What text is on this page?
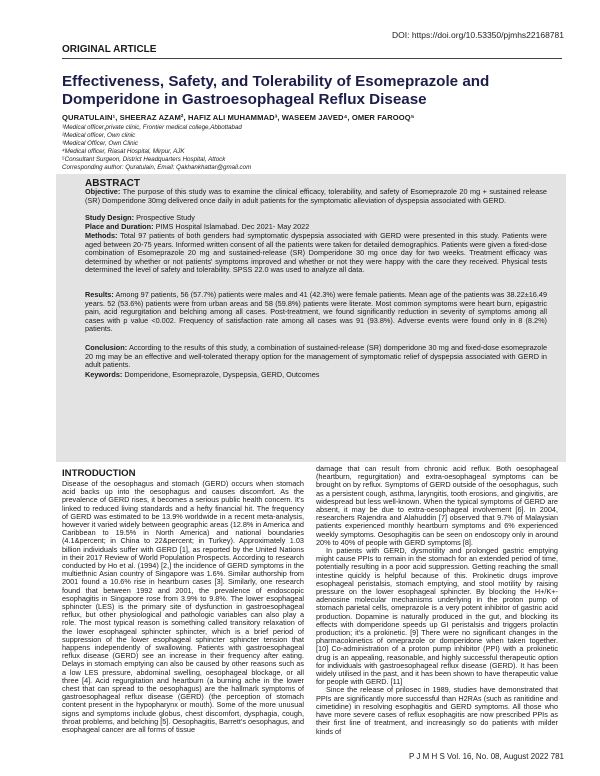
DOI: https://doi.org/10.53350/pjmhs22168781
ORIGINAL ARTICLE
Effectiveness, Safety, and Tolerability of Esomeprazole and Domperidone in Gastroesophageal Reflux Disease
QURATULAIN¹, SHEERAZ AZAM², HAFIZ ALI MUHAMMAD³, WASEEM JAVED⁴, OMER FAROOQ⁵
¹Medical officer,private clinic, Frontier medical college,Abbottabad
²Medical officer, Own clinic
³Medical Officer, Own Clinic
⁴Medical officer, Riasat Hospital, Mirpur, AJK
⁵Consultant Surgeon, District Headquarters Hospital, Attock
Corresponding author: Quratulain, Email: Qakhankhattar@gmail.com
ABSTRACT
Objective: The purpose of this study was to examine the clinical efficacy, tolerability, and safety of Esomeprazole 20 mg + sustained release (SR) Domperidone 30mg delivered once daily in adult patients for the symptomatic alleviation of dyspepsia associated with GERD.
Study Design: Prospective Study
Place and Duration: PIMS Hospital Islamabad. Dec 2021- May 2022
Methods: Total 97 patients of both genders had symptomatic dyspepsia associated with GERD were presented in this study. Patients were aged between 20-75 years. Informed written consent of all the patients were taken for detailed demographics. Patients were given a fixed-dose combination of Esomeprazole 20 mg and sustained-release (SR) Domperidone 30 mg once day for two weeks. Treatment efficacy was determined by whether or not patients' symptoms improved and whether or not they were happy with the care they received. Physical tests determined the level of safety and tolerability. SPSS 22.0 was used to analyze all data.
Results: Among 97 patients, 56 (57.7%) patients were males and 41 (42.3%) were female patients. Mean age of the patients was 38.22±16.49 years. 52 (53.6%) patients were from urban areas and 58 (59.8%) patients were literate. Most common symptoms were heart burn, epigastric pain, acid regurgitation and belching among all cases. Post-treatment, we found significantly reduction in severity of symptoms among all cases with p value <0.002. Frequency of satisfaction rate among all cases was 91 (93.8%). Adverse events were found only in 8 (8.2%) patients.
Conclusion: According to the results of this study, a combination of sustained-release (SR) domperidone 30 mg and fixed-dose esomeprazole 20 mg may be an effective and well-tolerated therapy option for the management of symptomatic relief of dyspepsia associated with GERD in adult patients.
Keywords: Domperidone, Esomeprazole, Dyspepsia, GERD, Outcomes
INTRODUCTION

Disease of the oesophagus and stomach (GERD) occurs when stomach acid backs up into the oesophagus and causes discomfort. As the prevalence of GERD rises, it becomes a serious public health concern. It's linked to reduced living standards and a hefty financial hit. The frequency of GERD was estimated to be 13.9% worldwide in a recent meta-analysis, however it varied widely between geographic areas (12.8% in America and Caribbean to 19.5% in North America) and national boundaries (4.1&percent; in China to 22&percent; in Turkey). Approximately 1.03 billion individuals suffer with GERD [1], as reported by the United Nations in their 2017 Review of World Population Prospects. According to research conducted by Ho et al. (1994) [2,] the incidence of GERD symptoms in the multiethnic Asian country of Singapore was 1.6%. Similar authorship from 2001 found a 10.6% rise in heartburn cases [3]. Similarly, one research found that between 1992 and 2001, the prevalence of endoscopic esophagitis in Singapore rose from 3.9% to 9.8%. The lower esophageal sphincter (LES) is the primary site of dysfunction in gastroesophageal reflux, but other physiological and pathologic variables can also play a role. The most typical reason is something called transitory relaxation of the lower esophageal sphincter sphincter, which is a brief period of suppression of the lower esophageal sphincter sphincter tension that happens independently of swallowing. Patients with gastroesophageal reflux disease (GERD) see an increase in their frequency after eating. Delays in stomach emptying can also be caused by other reasons such as a low LES pressure, abdominal swelling, oesophageal blockage, or all three [4]. Acid regurgitation and heartburn (a burning ache in the lower chest that can spread to the oesophagus) are the hallmark symptoms of gastroesophageal reflux disease (GERD) (the perception of stomach content present in the hypopharynx or mouth). Some of the more unusual signs and symptoms include globus, chest discomfort, dysphagia, cough, throat problems, and belching [5]. Oesophagitis, Barrett's oesophagus, and esophageal cancer are all forms of tissue

damage that can result from chronic acid reflux. Both oesophageal (heartburn, regurgitation) and extra-oesophageal symptoms can be brought on by reflux. Symptoms of GERD outside of the oesophagus, such as a persistent cough, asthma, laryngitis, tooth erosions, and gingivitis, are widespread but less well-known. When the typical symptoms of GERD are absent, it may be due to extra-oesophageal involvement [6]. In 2004, researchers Rajendra and Alahuddin [7] observed that 9.7% of Malaysian patients experienced monthly heartburn symptoms and 6% experienced weekly symptoms. Oesophagitis can be seen on endoscopy only in around 20% to 40% of people with GERD symptoms [8].

In patients with GERD, dysmotility and prolonged gastric emptying might cause PPIs to remain in the stomach for an extended period of time, potentially resulting in a poor acid suppression. Getting reaching the small intestine quickly is helpful because of this. Prokinetic drugs improve esophageal peristalsis, stomach emptying, and stool motility by raising pressure on the lower esophageal sphincter. By blocking the H+/K+-adenosine molecular mechanisms underlying in the proton pump of stomach parietal cells, omeprazole is a very potent inhibitor of gastric acid production. Dopamine is naturally produced in the gut, and blocking its effects with domperidone speeds up GI peristalsis and triggers prolactin production; it's a prokinetic. [9] There were no significant changes in the pharmacokinetics of omeprazole or domperidone when taken together. [10] Co-administration of a proton pump inhibitor (PPI) with a prokinetic drug is an appealing, reasonable, and highly successful therapeutic option for individuals with gastroesophageal reflux disease (GERD). It has been widely utilised in the past, and it has been shown to have therapeutic value for people with GERD. [11]

Since the release of prilosec in 1989, studies have demonstrated that PPIs are significantly more successful than H2RAs (such as ranitidine and cimetidine) in resolving esophagitis and GERD symptoms. All those who have more severe cases of reflux esophagitis are now prescribed PPIs as their first line of treatment, and increasingly so do patients with milder kinds of

P J M H S Vol. 16, No. 08, August 2022 781
